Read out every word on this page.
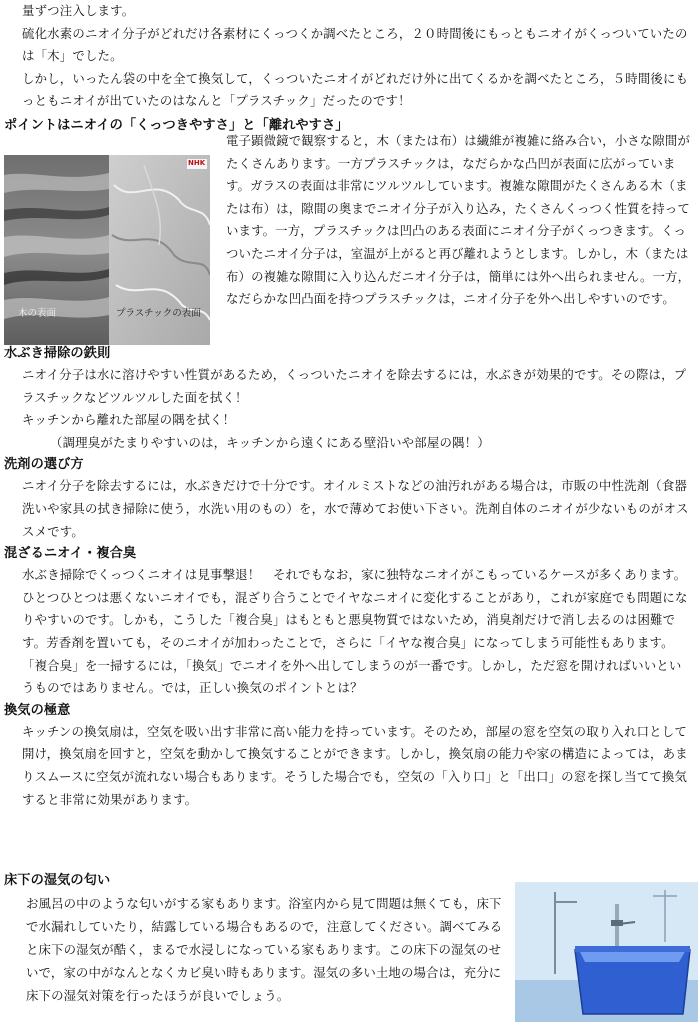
量ずつ注入します。

硫化水素のニオイ分子がどれだけ各素材にくっつくか調べたところ，２０時間後にもっともニオイがくっついていたのは「木」でした。

しかし，いったん袋の中を全て換気して，くっついたニオイがどれだけ外に出てくるかを調べたところ，５時間後にもっともニオイが出ていたのはなんと「プラスチック」だったのです！

ポイントはニオイの「くっつきやすさ」と「離れやすさ」

NHK
木の表面	プラスチックの表面

電子顕微鏡で観察すると，木（または布）は繊維が複雑に絡み合い，小さな隙間がたくさんあります。一方プラスチックは，なだらかな凸凹が表面に広がっています。ガラスの表面は非常にツルツルしています。複雑な隙間がたくさんある木（または布）は，隙間の奥までニオイ分子が入り込み，たくさんくっつく性質を持っています。一方，プラスチックは凹凸のある表面にニオイ分子がくっつきます。くっついたニオイ分子は，室温が上がると再び離れようとします。しかし，木（または布）の複雑な隙間に入り込んだニオイ分子は，簡単には外へ出られません。一方，なだらかな凹凸面を持つプラスチックは，ニオイ分子を外へ出しやすいのです。

水ぶき掃除の鉄則

ニオイ分子は水に溶けやすい性質があるため，くっついたニオイを除去するには，水ぶきが効果的です。その際は，プラスチックなどツルツルした面を拭く！

キッチンから離れた部屋の隅を拭く！

（調理臭がたまりやすいのは，キッチンから遠くにある壁沿いや部屋の隅！）

洗剤の選び方

ニオイ分子を除去するには，水ぶきだけで十分です。オイルミストなどの油汚れがある場合は，市販の中性洗剤（食器洗いや家具の拭き掃除に使う，水洗い用のもの）を，水で薄めてお使い下さい。洗剤自体のニオイが少ないものがオススメです。

混ざるニオイ・複合臭

水ぶき掃除でくっつくニオイは見事撃退！　それでもなお，家に独特なニオイがこもっているケースが多くあります。

ひとつひとつは悪くないニオイでも，混ざり合うことでイヤなニオイに変化することがあり，これが家庭でも問題になりやすいのです。しかも，こうした「複合臭」はもともと悪臭物質ではないため，消臭剤だけで消し去るのは困難です。芳香剤を置いても，そのニオイが加わったことで，さらに「イヤな複合臭」になってしまう可能性もあります。

「複合臭」を一掃するには，「換気」でニオイを外へ出してしまうのが一番です。しかし，ただ窓を開ければいいというものではありません。では，正しい換気のポイントとは？

換気の極意

キッチンの換気扇は，空気を吸い出す非常に高い能力を持っています。そのため，部屋の窓を空気の取り入れ口として開け，換気扇を回すと，空気を動かして換気することができます。しかし，換気扇の能力や家の構造によっては，あまりスムースに空気が流れない場合もあります。そうした場合でも，空気の「入り口」と「出口」の窓を探し当てて換気すると非常に効果があります。

床下の湿気の匂い

お風呂の中のような匂いがする家もあります。浴室内から見て問題は無くても，床下で水漏れしていたり，結露している場合もあるので，注意してください。調べてみると床下の湿気が酷く，まるで水浸しになっている家もあります。この床下の湿気のせいで，家の中がなんとなくカビ臭い時もあります。湿気の多い土地の場合は，充分に床下の湿気対策を行ったほうが良いでしょう。
